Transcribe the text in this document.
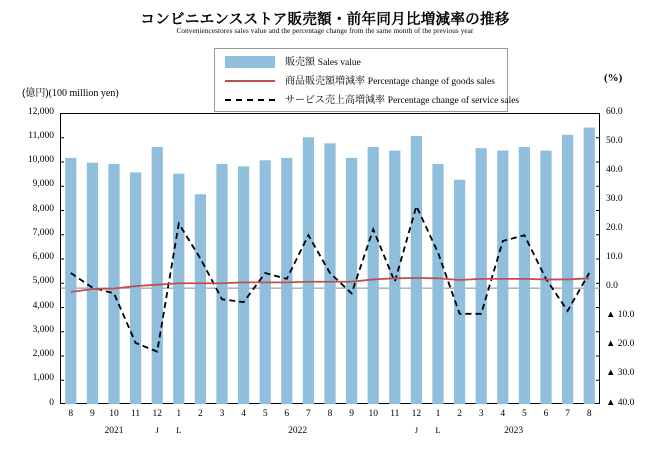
コンビニエンスストア販売額・前年同月比増減率の推移
Conveniencestores sales value and the percentage change from the same month of the previous year
販売額 Sales value
商品販売額増減率 Percentage change of goods sales
サービス売上高増減率 Percentage change of service sales
(億円)(100 million yen)
(%)
0
1,000
2,000
3,000
4,000
5,000
6,000
7,000
8,000
9,000
10,000
11,000
12,000	60.0
50.0
40.0
30.0
20.0
10.0
0.0
▲ 10.0
▲ 20.0
▲ 30.0
▲ 40.0
8	9	10	11	12	1	2	3	4	5	6	7	8	9	10	11	12	1	2	3	4	5	6	7	8
J	L	J	L
2021	2022	2023
